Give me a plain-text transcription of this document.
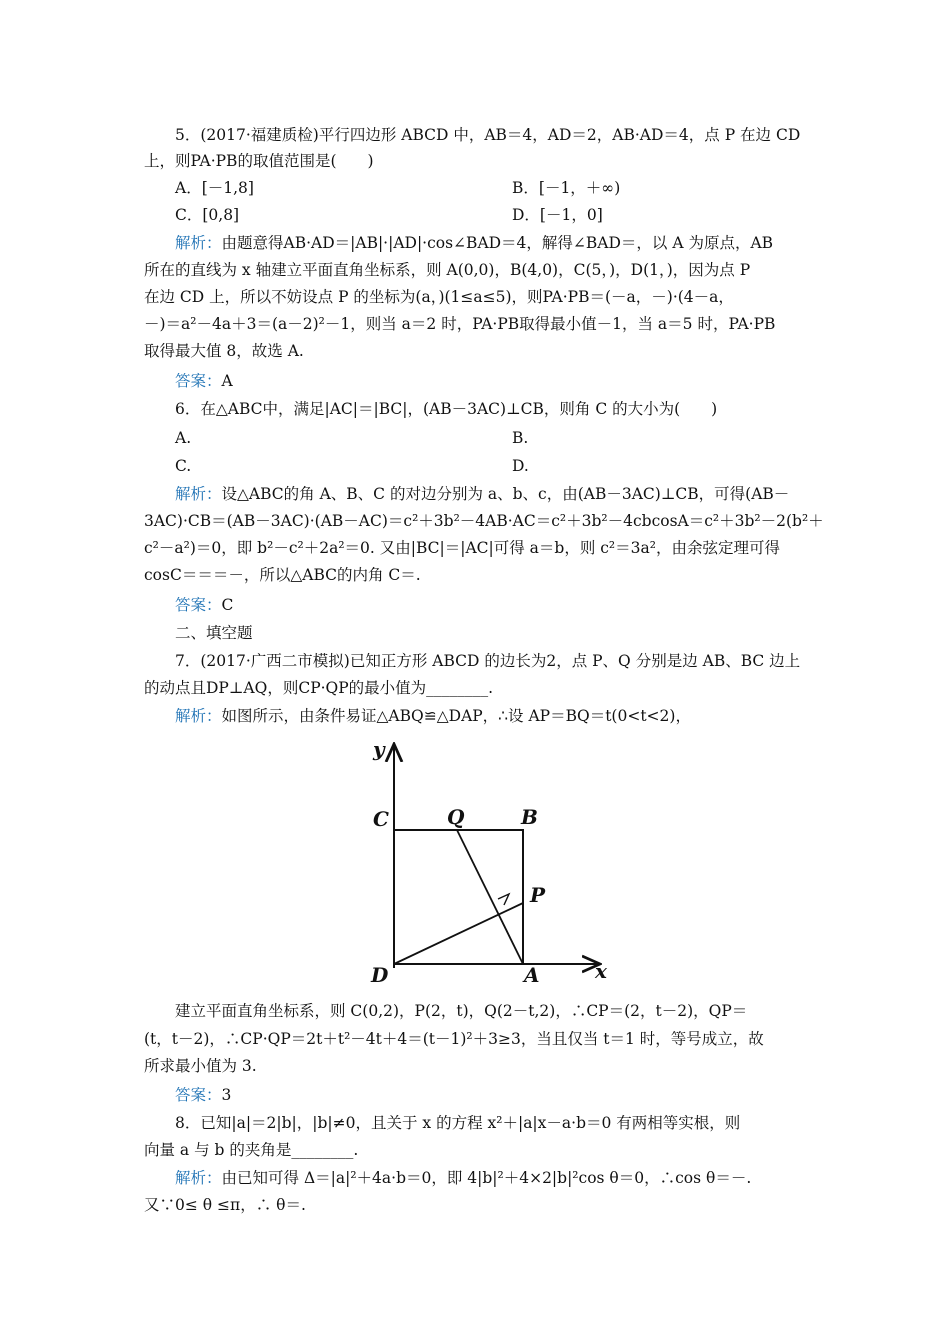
5．(2017·福建质检)平行四边形 ABCD 中，AB＝4，AD＝2，AB·AD＝4，点 P 在边 CD
上，则PA·PB的取值范围是(　　)
A．[－1,8]	B．[－1，＋∞)
C．[0,8]	D．[－1，0]
解析：由题意得AB·AD＝|AB|·|AD|·cos∠BAD＝4，解得∠BAD＝，以 A 为原点，AB
所在的直线为 x 轴建立平面直角坐标系，则 A(0,0)，B(4,0)，C(5，)，D(1，)，因为点 P
在边 CD 上，所以不妨设点 P 的坐标为(a，)(1≤a≤5)，则PA·PB＝(－a，－)·(4－a，
－)＝a²－4a＋3＝(a－2)²－1，则当 a＝2 时，PA·PB取得最小值－1，当 a＝5 时，PA·PB
取得最大值 8，故选 A.
答案：A
6．在△ABC中，满足|AC|＝|BC|，(AB－3AC)⊥CB，则角 C 的大小为(　　)
A.	B.
C.	D.
解析：设△ABC的角 A、B、C 的对边分别为 a、b、c，由(AB－3AC)⊥CB，可得(AB－
3AC)·CB＝(AB－3AC)·(AB－AC)＝c²＋3b²－4AB·AC＝c²＋3b²－4cbcosA＝c²＋3b²－2(b²＋
c²－a²)＝0，即 b²－c²＋2a²＝0. 又由|BC|＝|AC|可得 a＝b，则 c²＝3a²，由余弦定理可得
cosC＝＝＝－，所以△ABC的内角 C＝.
答案：C
二、填空题
7．(2017·广西二市模拟)已知正方形 ABCD 的边长为2，点 P、Q 分别是边 AB、BC 边上
的动点且DP⊥AQ，则CP·QP的最小值为________.
解析：如图所示，由条件易证△ABQ≌△DAP，∴设 AP＝BQ＝t(0<t<2)，
y
C	Q	B
P
D	A	x
建立平面直角坐标系，则 C(0,2)，P(2，t)，Q(2－t,2)，∴CP＝(2，t－2)，QP＝
(t，t－2)，∴CP·QP＝2t＋t²－4t＋4＝(t－1)²＋3≥3，当且仅当 t＝1 时，等号成立，故
所求最小值为 3.
答案：3
8．已知|a|＝2|b|，|b|≠0，且关于 x 的方程 x²＋|a|x－a·b＝0 有两相等实根，则
向量 a 与 b 的夹角是________.
解析：由已知可得 Δ＝|a|²＋4a·b＝0，即 4|b|²＋4×2|b|²cos θ＝0，∴cos θ＝－.
又∵0≤ θ ≤π，∴ θ＝.
